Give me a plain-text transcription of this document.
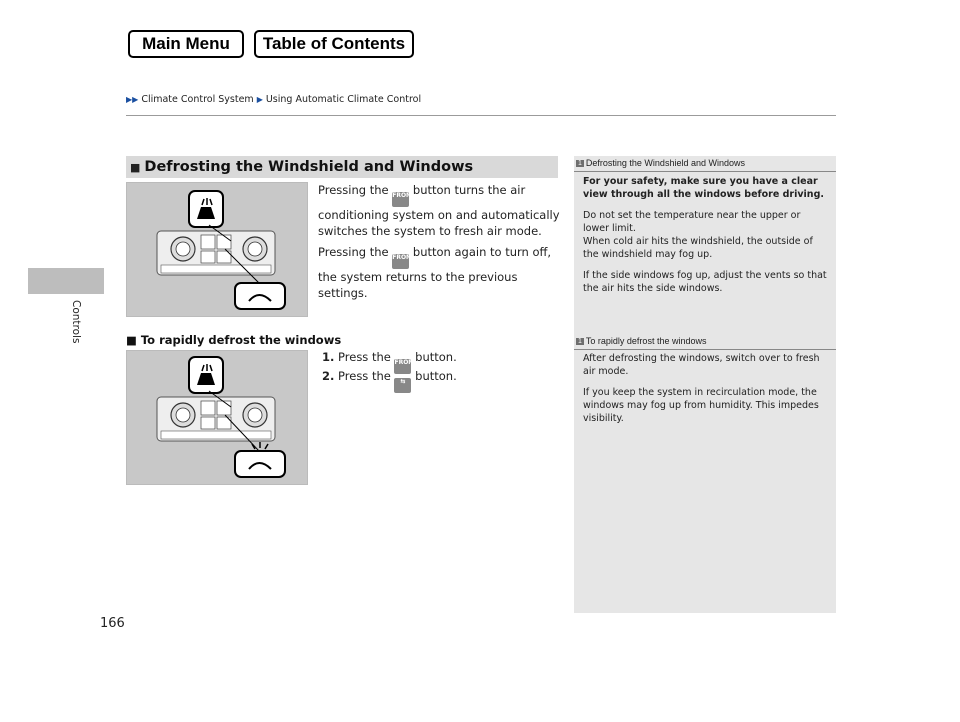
Main Menu	Table of Contents
▶▶ Climate Control System ▶ Using Automatic Climate Control
Controls
■ Defrosting the Windshield and Windows
Pressing the FRONT button turns the air conditioning system on and automatically switches the system to fresh air mode.
Pressing the FRONT button again to turn off, the system returns to the previous settings.
■ To rapidly defrost the windows
1. Press the FRONT button.
2. Press the ⇆ button.
1 Defrosting the Windshield and Windows

For your safety, make sure you have a clear view through all the windows before driving.

Do not set the temperature near the upper or lower limit.
When cold air hits the windshield, the outside of the windshield may fog up.

If the side windows fog up, adjust the vents so that the air hits the side windows.

1 To rapidly defrost the windows

After defrosting the windows, switch over to fresh air mode.

If you keep the system in recirculation mode, the windows may fog up from humidity. This impedes visibility.

166
